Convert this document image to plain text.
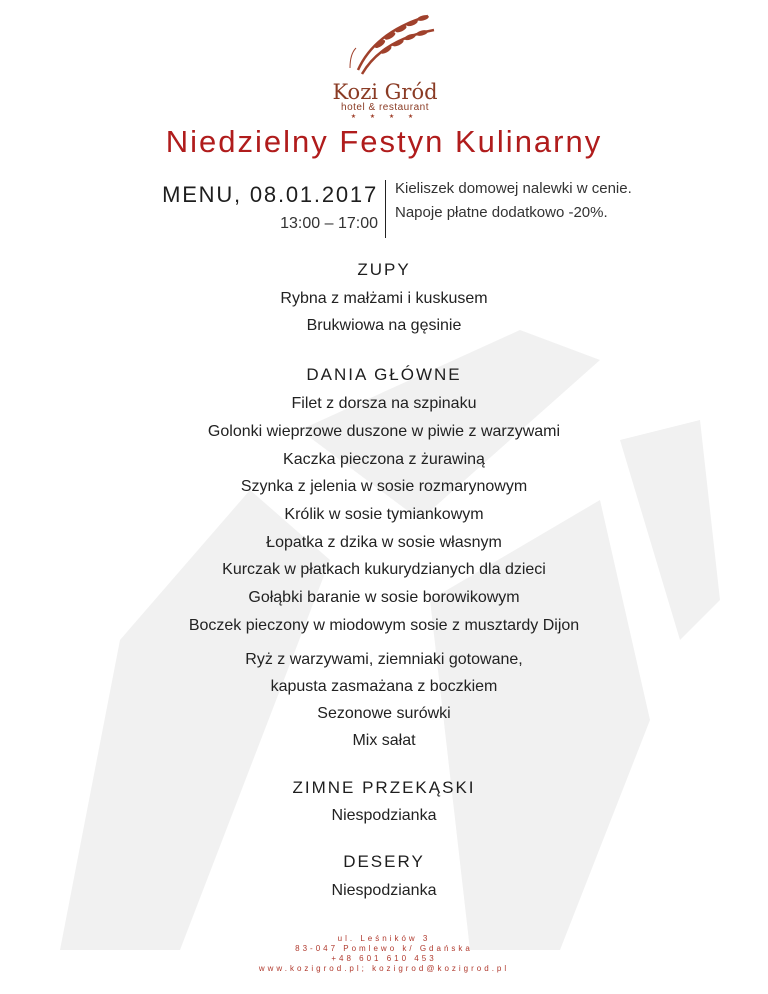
Kozi Gród
hotel & restaurant
★ ★ ★ ★
Niedzielny Festyn Kulinarny
MENU, 08.01.2017
13:00 – 17:00
Kieliszek domowej nalewki w cenie.
Napoje płatne dodatkowo -20%.
ZUPY
Rybna z małżami i kuskusem
Brukwiowa na gęsinie
DANIA GŁÓWNE
Filet z dorsza na szpinaku
Golonki wieprzowe duszone w piwie z warzywami
Kaczka pieczona z żurawiną
Szynka z jelenia w sosie rozmarynowym
Królik w sosie tymiankowym
Łopatka z dzika w sosie własnym
Kurczak w płatkach kukurydzianych dla dzieci
Gołąbki baranie w sosie borowikowym
Boczek pieczony w miodowym sosie z musztardy Dijon
Ryż z warzywami, ziemniaki gotowane,
kapusta zasmażana z boczkiem
Sezonowe surówki
Mix sałat
ZIMNE PRZEKĄSKI
Niespodzianka
DESERY
Niespodzianka
ul. Leśników 3
83-047 Pomlewo k/ Gdańska
+48 601 610 453
www.kozigrod.pl; kozigrod@kozigrod.pl
